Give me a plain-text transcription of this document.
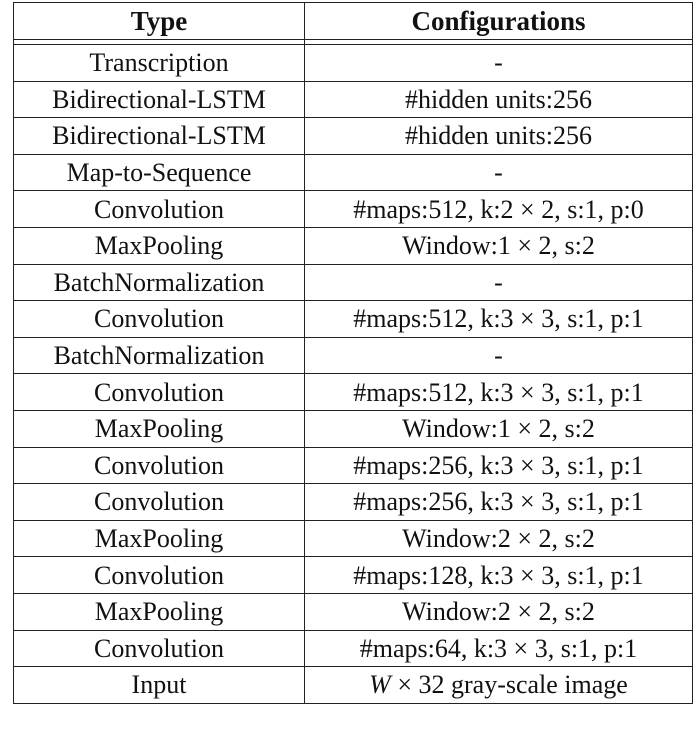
Type	Configurations

Transcription	-
Bidirectional-LSTM	#hidden units:256
Bidirectional-LSTM	#hidden units:256
Map-to-Sequence	-
Convolution	#maps:512, k:2 × 2, s:1, p:0
MaxPooling	Window:1 × 2, s:2
BatchNormalization	-
Convolution	#maps:512, k:3 × 3, s:1, p:1
BatchNormalization	-
Convolution	#maps:512, k:3 × 3, s:1, p:1
MaxPooling	Window:1 × 2, s:2
Convolution	#maps:256, k:3 × 3, s:1, p:1
Convolution	#maps:256, k:3 × 3, s:1, p:1
MaxPooling	Window:2 × 2, s:2
Convolution	#maps:128, k:3 × 3, s:1, p:1
MaxPooling	Window:2 × 2, s:2
Convolution	#maps:64, k:3 × 3, s:1, p:1
Input	W × 32 gray-scale image
